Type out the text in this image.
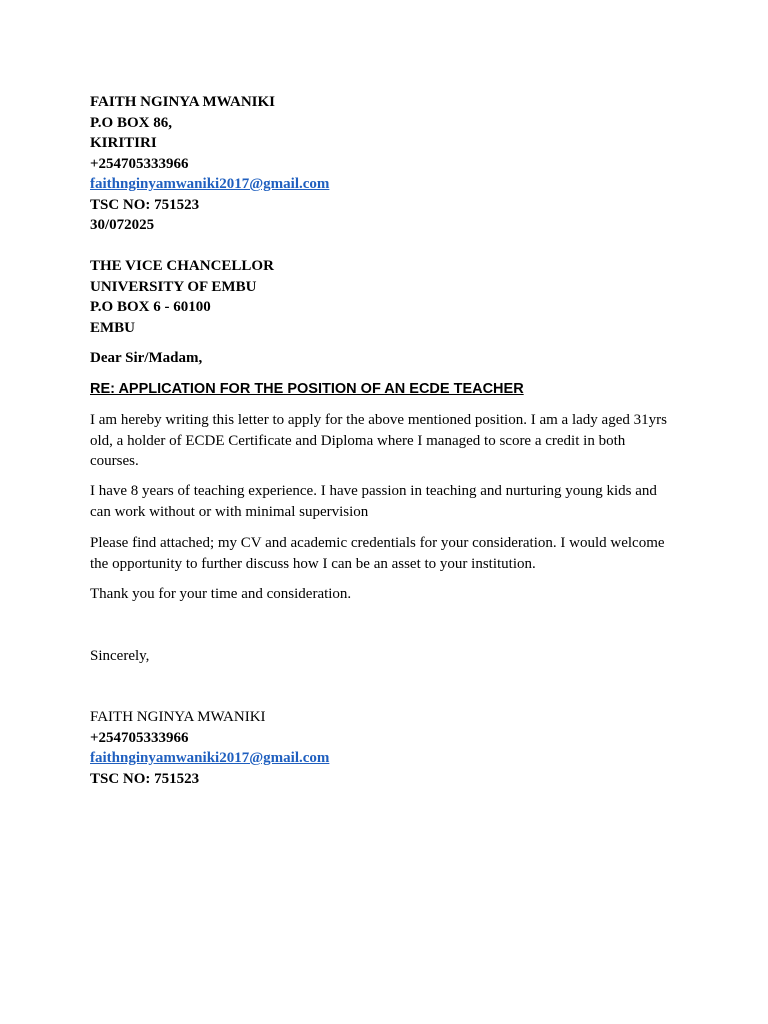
FAITH NGINYA MWANIKI
P.O BOX 86,
KIRITIRI
+254705333966
faithnginyamwaniki2017@gmail.com
TSC NO: 751523
30/072025
THE VICE CHANCELLOR
UNIVERSITY OF EMBU
P.O BOX 6 - 60100
EMBU
Dear Sir/Madam,
RE: APPLICATION FOR THE POSITION OF AN ECDE TEACHER

I am hereby writing this letter to apply for the above mentioned position. I am a lady aged 31yrs old, a holder of ECDE Certificate and Diploma where I managed to score a credit in both courses.

I have 8 years of teaching experience. I have passion in teaching and nurturing young kids and can work without or with minimal supervision

Please find attached; my CV and academic credentials for your consideration. I would welcome the opportunity to further discuss how I can be an asset to your institution.

Thank you for your time and consideration.

Sincerely,
FAITH NGINYA MWANIKI
+254705333966
faithnginyamwaniki2017@gmail.com
TSC NO: 751523
